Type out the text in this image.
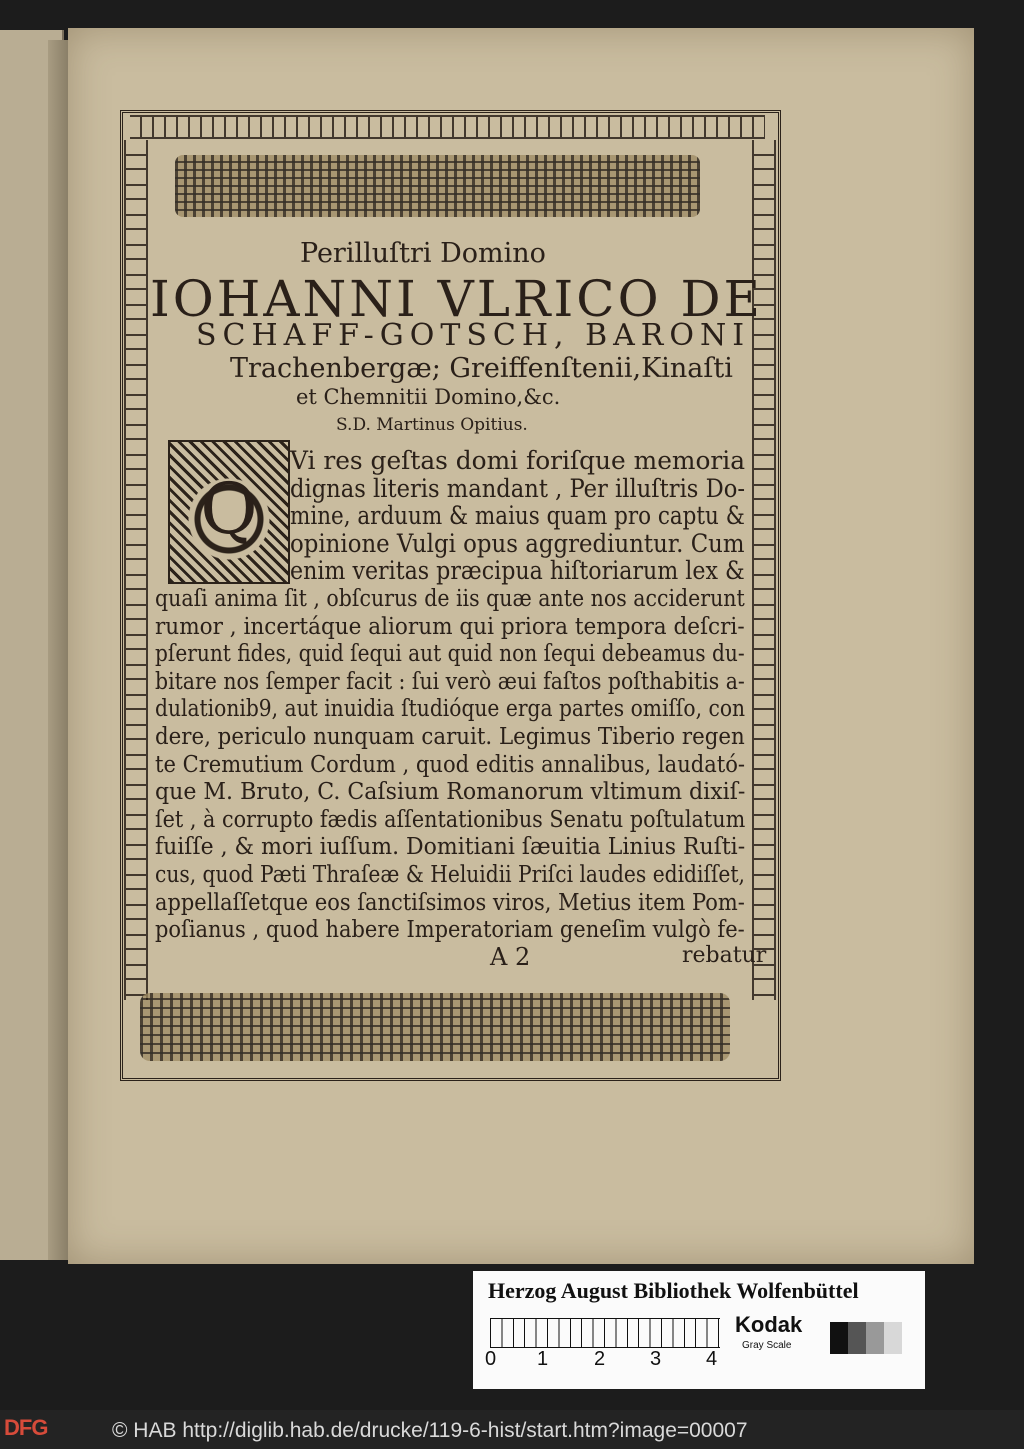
Perilluſtri Domino
IOHANNI VLRICO DE
SCHAFF-GOTSCH, BARONI
Trachenbergæ; Greiffenſtenii,Kinaſti
et Chemnitii Domino,&c.
S.D. Martinus Opitius.
Q
Vi res geſtas domi foriſque memoria
dignas literis mandant , Per illuſtris Do-
mine, arduum & maius quam pro captu &
opinione Vulgi opus aggrediuntur. Cum
enim veritas præcipua hiſtoriarum lex &
quaſi anima ſit , obſcurus de iis quæ ante nos acciderunt
rumor , incertáque aliorum qui priora tempora deſcri-
pſerunt fides, quid ſequi aut quid non ſequi debeamus du-
bitare nos ſemper facit : ſui verò æui faſtos poſthabitis a-
dulationib9, aut inuidia ſtudióque erga partes omiſſo, con
dere, periculo nunquam caruit. Legimus Tiberio regen
te Cremutium Cordum , quod editis annalibus, laudató-
que M. Bruto, C. Caſsium Romanorum vltimum dixiſ-
ſet , à corrupto fædis aſſentationibus Senatu poſtulatum
fuiſſe , & mori iuſſum. Domitiani ſæuitia Linius Ruſti-
cus, quod Pæti Thraſeæ & Heluidii Priſci laudes edidiſſet,
appellaſſetque eos ſanctiſsimos viros, Metius item Pom-
poſianus , quod habere Imperatoriam geneſim vulgò fe-
A 2	rebatur
Herzog August Bibliothek Wolfenbüttel
0 1 2 3 4
Kodak
Gray Scale
DFG	© HAB http://diglib.hab.de/drucke/119-6-hist/start.htm?image=00007
